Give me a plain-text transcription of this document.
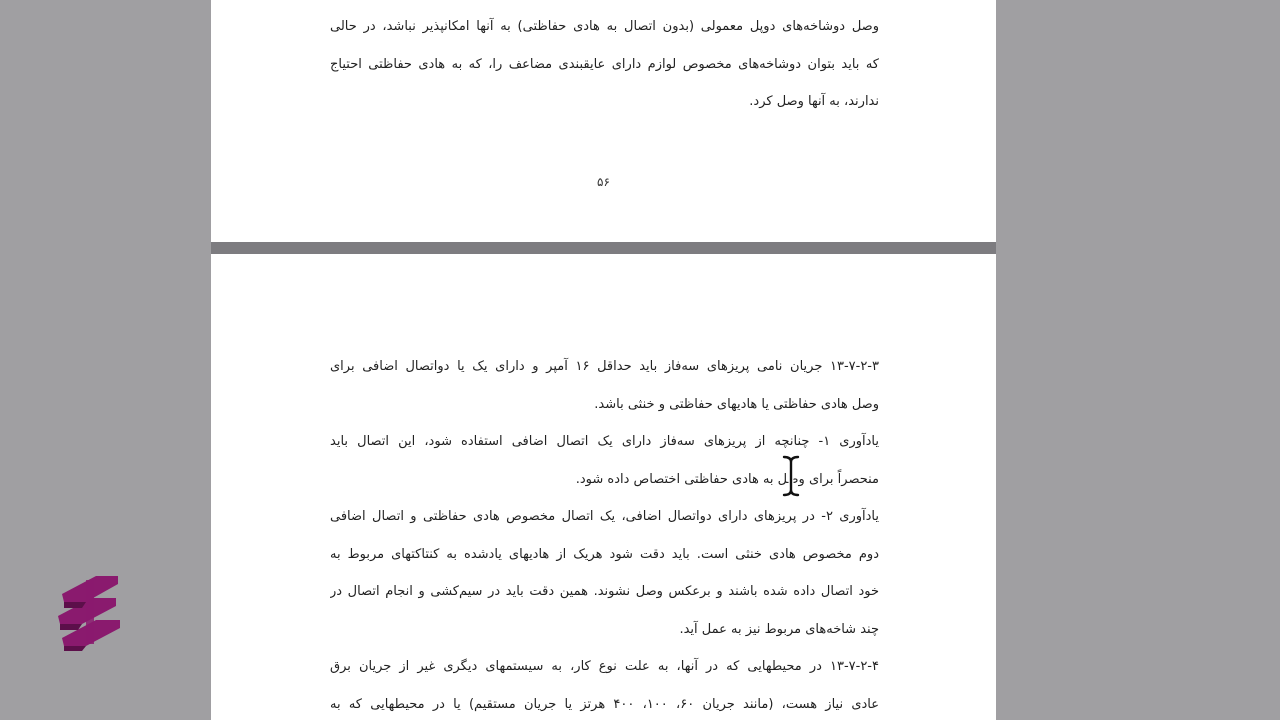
وصل دوشاخه‌های دوپل معمولی (بدون اتصال به هادی حفاظتی) به آنها امکانپذیر نباشد، در حالی
که باید بتوان دوشاخه‌های مخصوص لوازم دارای عایقبندی مضاعف را، که به هادی حفاظتی احتیاج
ندارند، به آنها وصل کرد.
۵۶
۱۳-۷-۲-۳ جریان نامی پریزهای سه‌فاز باید حداقل ۱۶ آمپر و دارای یک یا دواتصال اضافی برای
وصل هادی حفاظتی یا هادیهای حفاظتی و خنثی باشد.
یادآوری ۱- چنانچه از پریزهای سه‌فاز دارای یک اتصال اضافی استفاده شود، این اتصال باید
منحصراً برای وصل به هادی حفاظتی اختصاص داده شود.
یادآوری ۲- در پریزهای دارای دواتصال اضافی، یک اتصال مخصوص هادی حفاظتی و اتصال اضافی
دوم مخصوص هادی خنثی است. باید دقت شود هریک از هادیهای یادشده به کنتاکتهای مربوط به
خود اتصال داده شده باشند و برعکس وصل نشوند. همین دقت باید در سیم‌کشی و انجام اتصال در
چند شاخه‌های مربوط نیز به عمل آید.
۱۳-۷-۲-۴ در محیطهایی که در آنها، به علت نوع کار، به سیستمهای دیگری غیر از جریان برق
عادی نیاز هست، (مانند جریان ۶۰، ۱۰۰، ۴۰۰ هرتز یا جریان مستقیم) یا در محیطهایی که به
